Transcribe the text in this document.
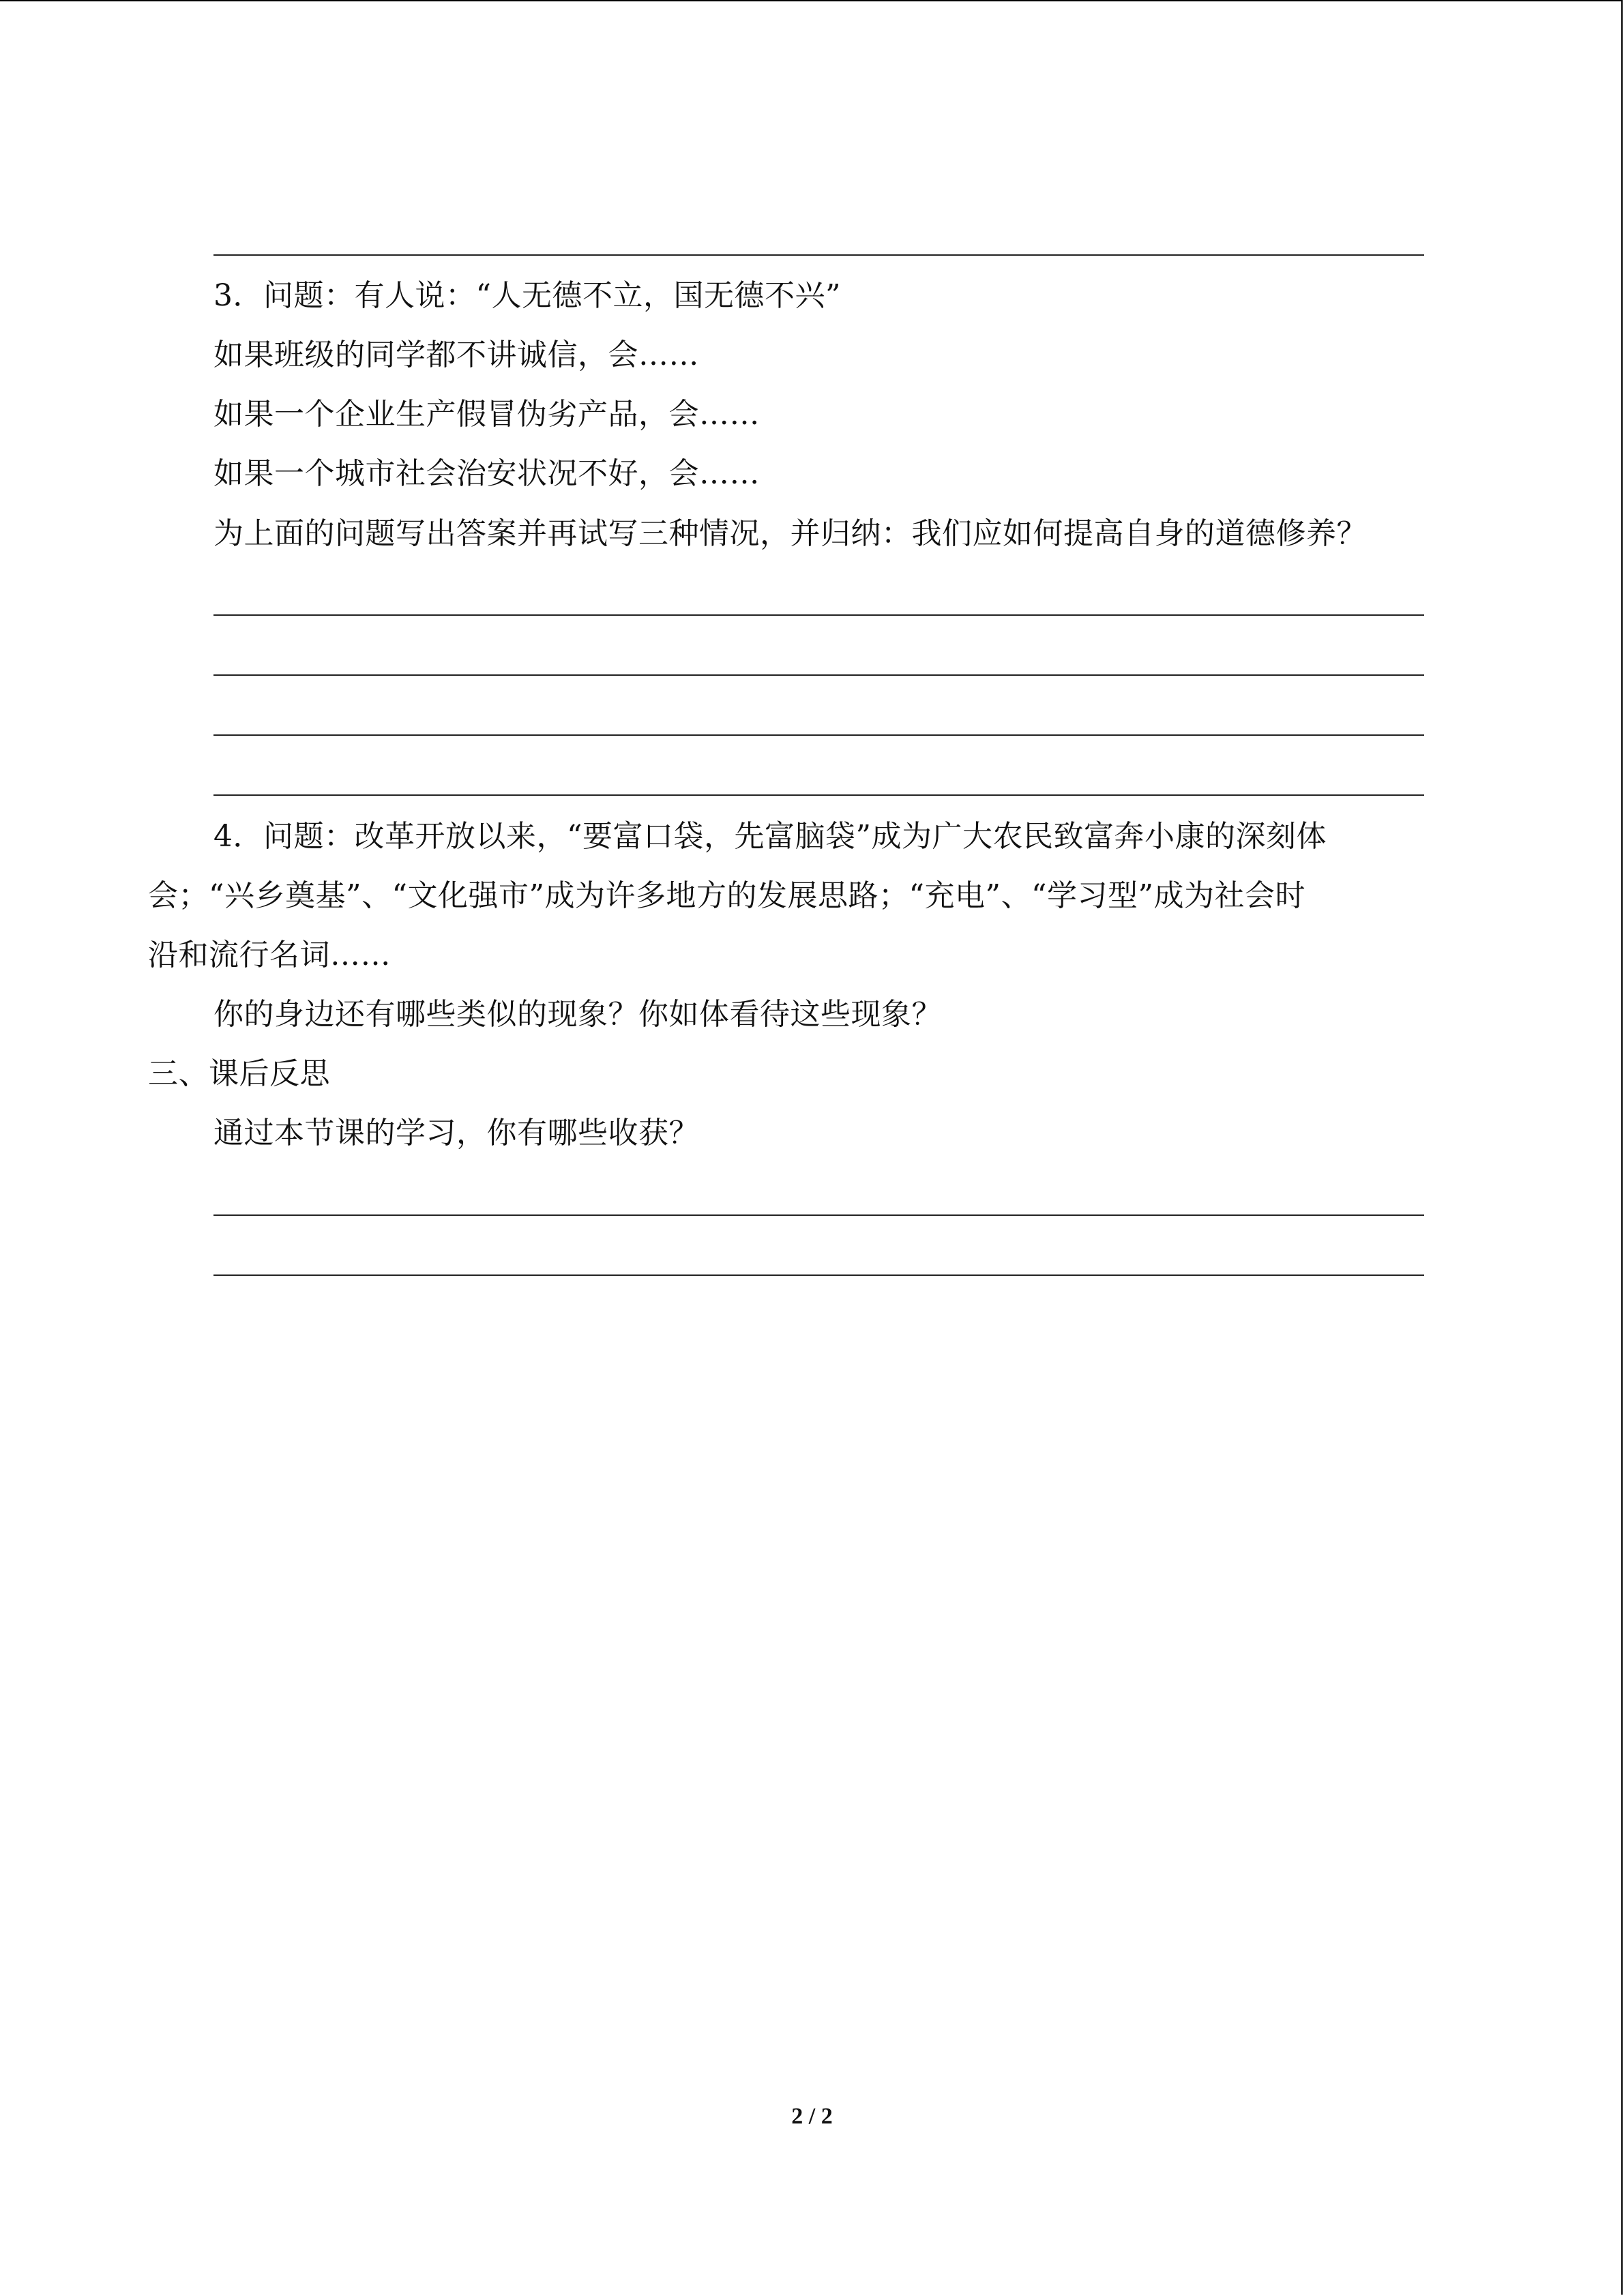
3．问题：有人说：“人无德不立，国无德不兴”
如果班级的同学都不讲诚信，会……
如果一个企业生产假冒伪劣产品，会……
如果一个城市社会治安状况不好，会……
为上面的问题写出答案并再试写三种情况，并归纳：我们应如何提高自身的道德修养？
4．问题：改革开放以来，“要富口袋，先富脑袋”成为广大农民致富奔小康的深刻体
会；“兴乡奠基”、“文化强市”成为许多地方的发展思路；“充电”、“学习型”成为社会时
沿和流行名词……
你的身边还有哪些类似的现象？你如体看待这些现象？
三、课后反思
通过本节课的学习，你有哪些收获？
2 / 2
